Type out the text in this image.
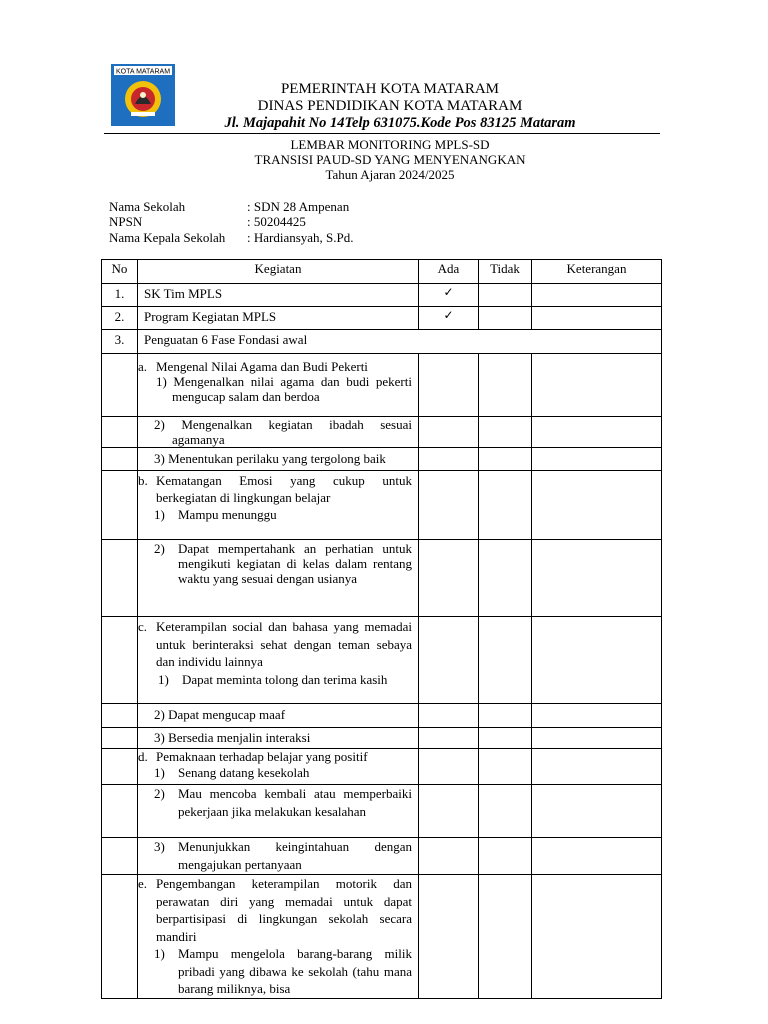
KOTA MATARAM
PEMERINTAH KOTA MATARAM
DINAS PENDIDIKAN KOTA MATARAM
Jl. Majapahit No 14Telp 631075.Kode Pos 83125 Mataram
LEMBAR MONITORING MPLS-SD
TRANSISI PAUD-SD YANG MENYENANGKAN
Tahun Ajaran 2024/2025
Nama Sekolah	: SDN 28 Ampenan
NPSN	: 50204425
Nama Kepala Sekolah : Hardiansyah, S.Pd.
No	Kegiatan	Ada	Tidak	Keterangan
1.	SK Tim MPLS	✓		
2.	Program Kegiatan MPLS	✓		
3.	Penguatan 6 Fase Fondasi awal			

	a. Mengenal Nilai Agama dan Budi Pekerti
1) Mengenalkan nilai agama dan budi pekerti mengucap salam dan berdoa			

	2) Mengenalkan kegiatan ibadah sesuai agamanya			

	3) Menentukan perilaku yang tergolong baik			

	b. Kematangan Emosi yang cukup untuk berkegiatan di lingkungan belajar
1) Mampu menunggu			

	2) Dapat mempertahank an perhatian untuk mengikuti kegiatan di kelas dalam rentang waktu yang sesuai dengan usianya			

	c. Keterampilan social dan bahasa yang memadai untuk berinteraksi sehat dengan teman sebaya dan individu lainnya
1) Dapat meminta tolong dan terima kasih			

	2) Dapat mengucap maaf			
	3) Bersedia menjalin interaksi			

	d. Pemaknaan terhadap belajar yang positif
1) Senang datang kesekolah			

	2) Mau mencoba kembali atau memperbaiki pekerjaan jika melakukan kesalahan			

	3) Menunjukkan keingintahuan dengan mengajukan pertanyaan			

	e. Pengembangan keterampilan motorik dan perawatan diri yang memadai untuk dapat berpartisipasi di lingkungan sekolah secara mandiri
1) Mampu mengelola barang-barang milik pribadi yang dibawa ke sekolah (tahu mana barang miliknya, bisa			
